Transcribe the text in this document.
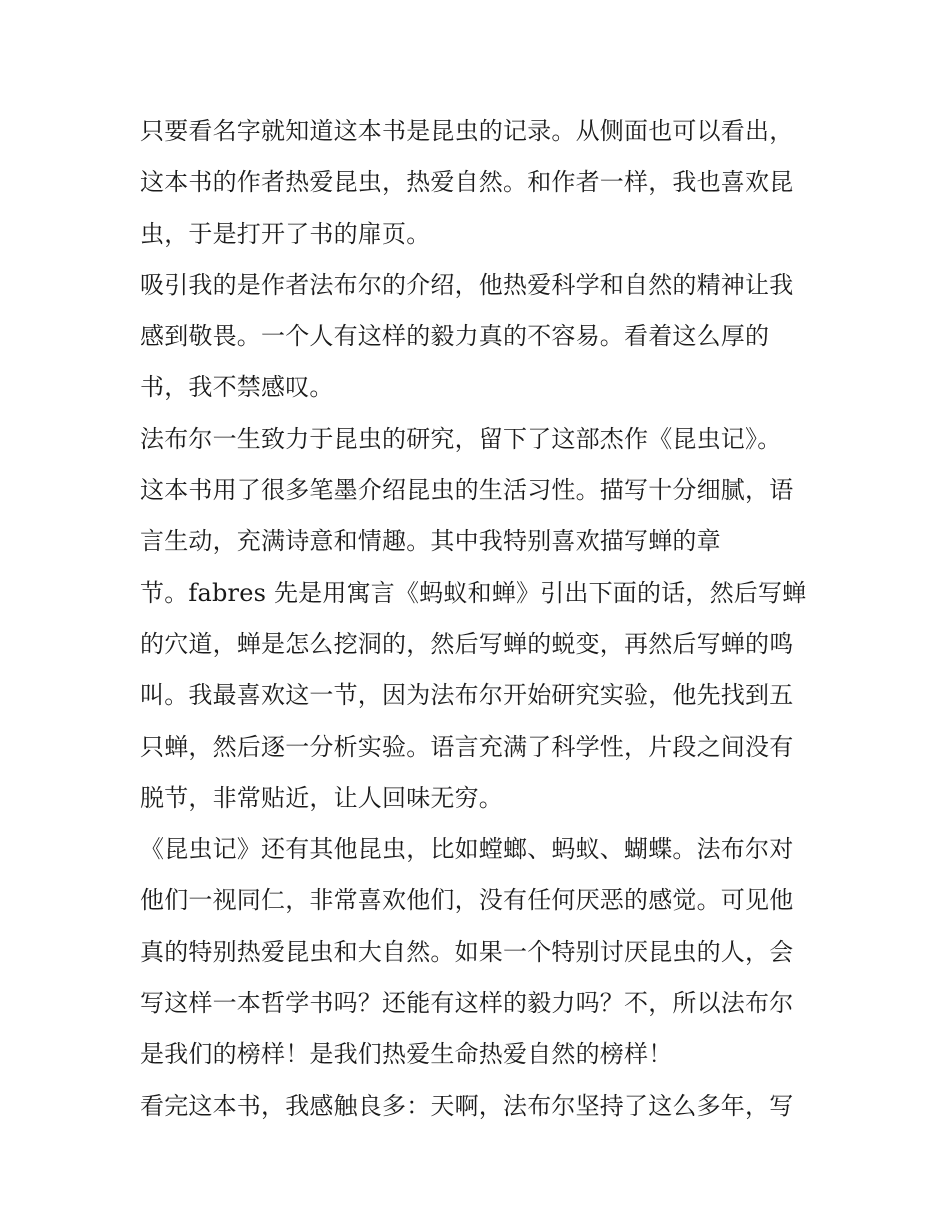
只要看名字就知道这本书是昆虫的记录。从侧面也可以看出，
这本书的作者热爱昆虫，热爱自然。和作者一样，我也喜欢昆
虫，于是打开了书的扉页。
吸引我的是作者法布尔的介绍，他热爱科学和自然的精神让我
感到敬畏。一个人有这样的毅力真的不容易。看着这么厚的
书，我不禁感叹。
法布尔一生致力于昆虫的研究，留下了这部杰作《昆虫记》。
这本书用了很多笔墨介绍昆虫的生活习性。描写十分细腻，语
言生动，充满诗意和情趣。其中我特别喜欢描写蝉的章
节。fabres 先是用寓言《蚂蚁和蝉》引出下面的话，然后写蝉
的穴道，蝉是怎么挖洞的，然后写蝉的蜕变，再然后写蝉的鸣
叫。我最喜欢这一节，因为法布尔开始研究实验，他先找到五
只蝉，然后逐一分析实验。语言充满了科学性，片段之间没有
脱节，非常贴近，让人回味无穷。
《昆虫记》还有其他昆虫，比如螳螂、蚂蚁、蝴蝶。法布尔对
他们一视同仁，非常喜欢他们，没有任何厌恶的感觉。可见他
真的特别热爱昆虫和大自然。如果一个特别讨厌昆虫的人，会
写这样一本哲学书吗？还能有这样的毅力吗？不，所以法布尔
是我们的榜样！是我们热爱生命热爱自然的榜样！
看完这本书，我感触良多：天啊，法布尔坚持了这么多年，写
